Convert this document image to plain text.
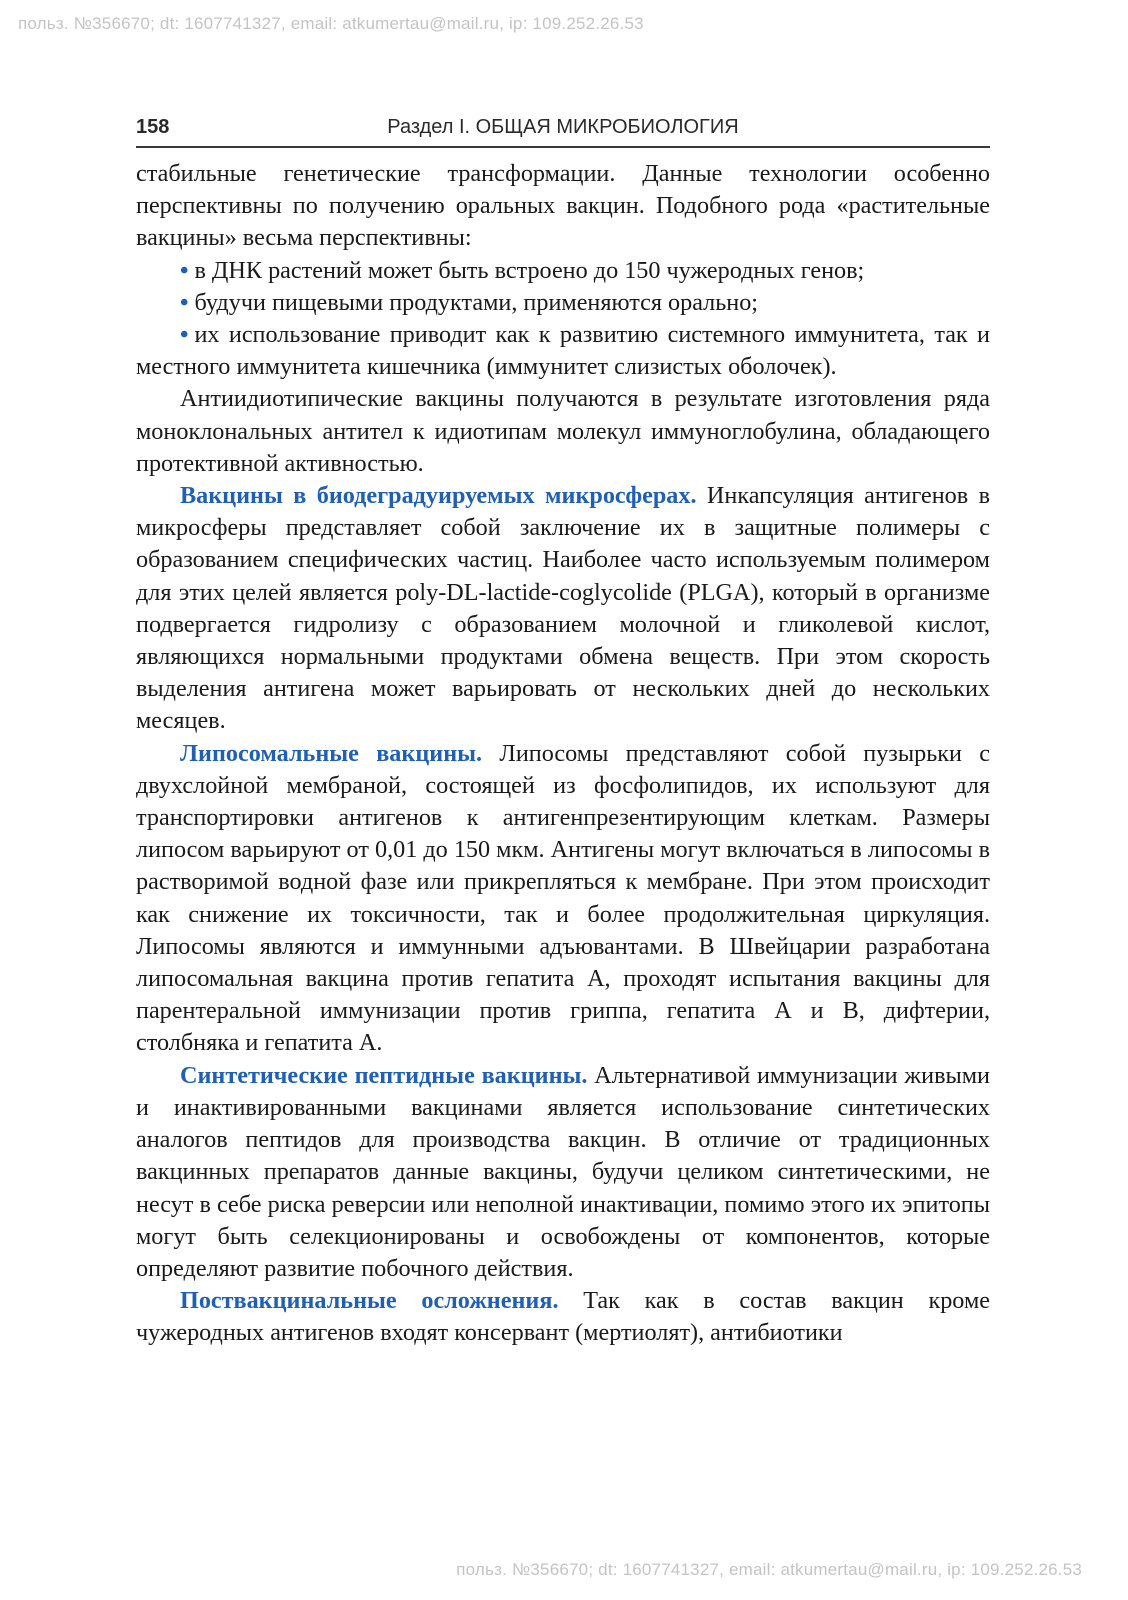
польз. №356670; dt: 1607741327, email: atkumertau@mail.ru, ip: 109.252.26.53
158	Раздел I. ОБЩАЯ МИКРОБИОЛОГИЯ

стабильные генетические трансформации. Данные технологии особенно перспективны по получению оральных вакцин. Подобного рода «растительные вакцины» весьма перспективны:

• в ДНК растений может быть встроено до 150 чужеродных генов;
• будучи пищевыми продуктами, применяются орально;
• их использование приводит как к развитию системного иммунитета, так и местного иммунитета кишечника (иммунитет слизистых оболочек).

Антиидиотипические вакцины получаются в результате изготовления ряда моноклональных антител к идиотипам молекул иммуноглобулина, обладающего протективной активностью.

Вакцины в биодеградуируемых микросферах. Инкапсуляция антигенов в микросферы представляет собой заключение их в защитные полимеры с образованием специфических частиц. Наиболее часто используемым полимером для этих целей является poly-DL-lactide-coglycolide (PLGA), который в организме подвергается гидролизу с образованием молочной и гликолевой кислот, являющихся нормальными продуктами обмена веществ. При этом скорость выделения антигена может варьировать от нескольких дней до нескольких месяцев.

Липосомальные вакцины. Липосомы представляют собой пузырьки с двухслойной мембраной, состоящей из фосфолипидов, их используют для транспортировки антигенов к антигенпрезентирующим клеткам. Размеры липосом варьируют от 0,01 до 150 мкм. Антигены могут включаться в липосомы в растворимой водной фазе или прикрепляться к мембране. При этом происходит как снижение их токсичности, так и более продолжительная циркуляция. Липосомы являются и иммунными адъювантами. В Швейцарии разработана липосомальная вакцина против гепатита А, проходят испытания вакцины для парентеральной иммунизации против гриппа, гепатита А и В, дифтерии, столбняка и гепатита А.

Синтетические пептидные вакцины. Альтернативой иммунизации живыми и инактивированными вакцинами является использование синтетических аналогов пептидов для производства вакцин. В отличие от традиционных вакцинных препаратов данные вакцины, будучи целиком синтетическими, не несут в себе риска реверсии или неполной инактивации, помимо этого их эпитопы могут быть селекционированы и освобождены от компонентов, которые определяют развитие побочного действия.

Поствакцинальные осложнения. Так как в состав вакцин кроме чужеродных антигенов входят консервант (мертиолят), антибиотики

польз. №356670; dt: 1607741327, email: atkumertau@mail.ru, ip: 109.252.26.53
